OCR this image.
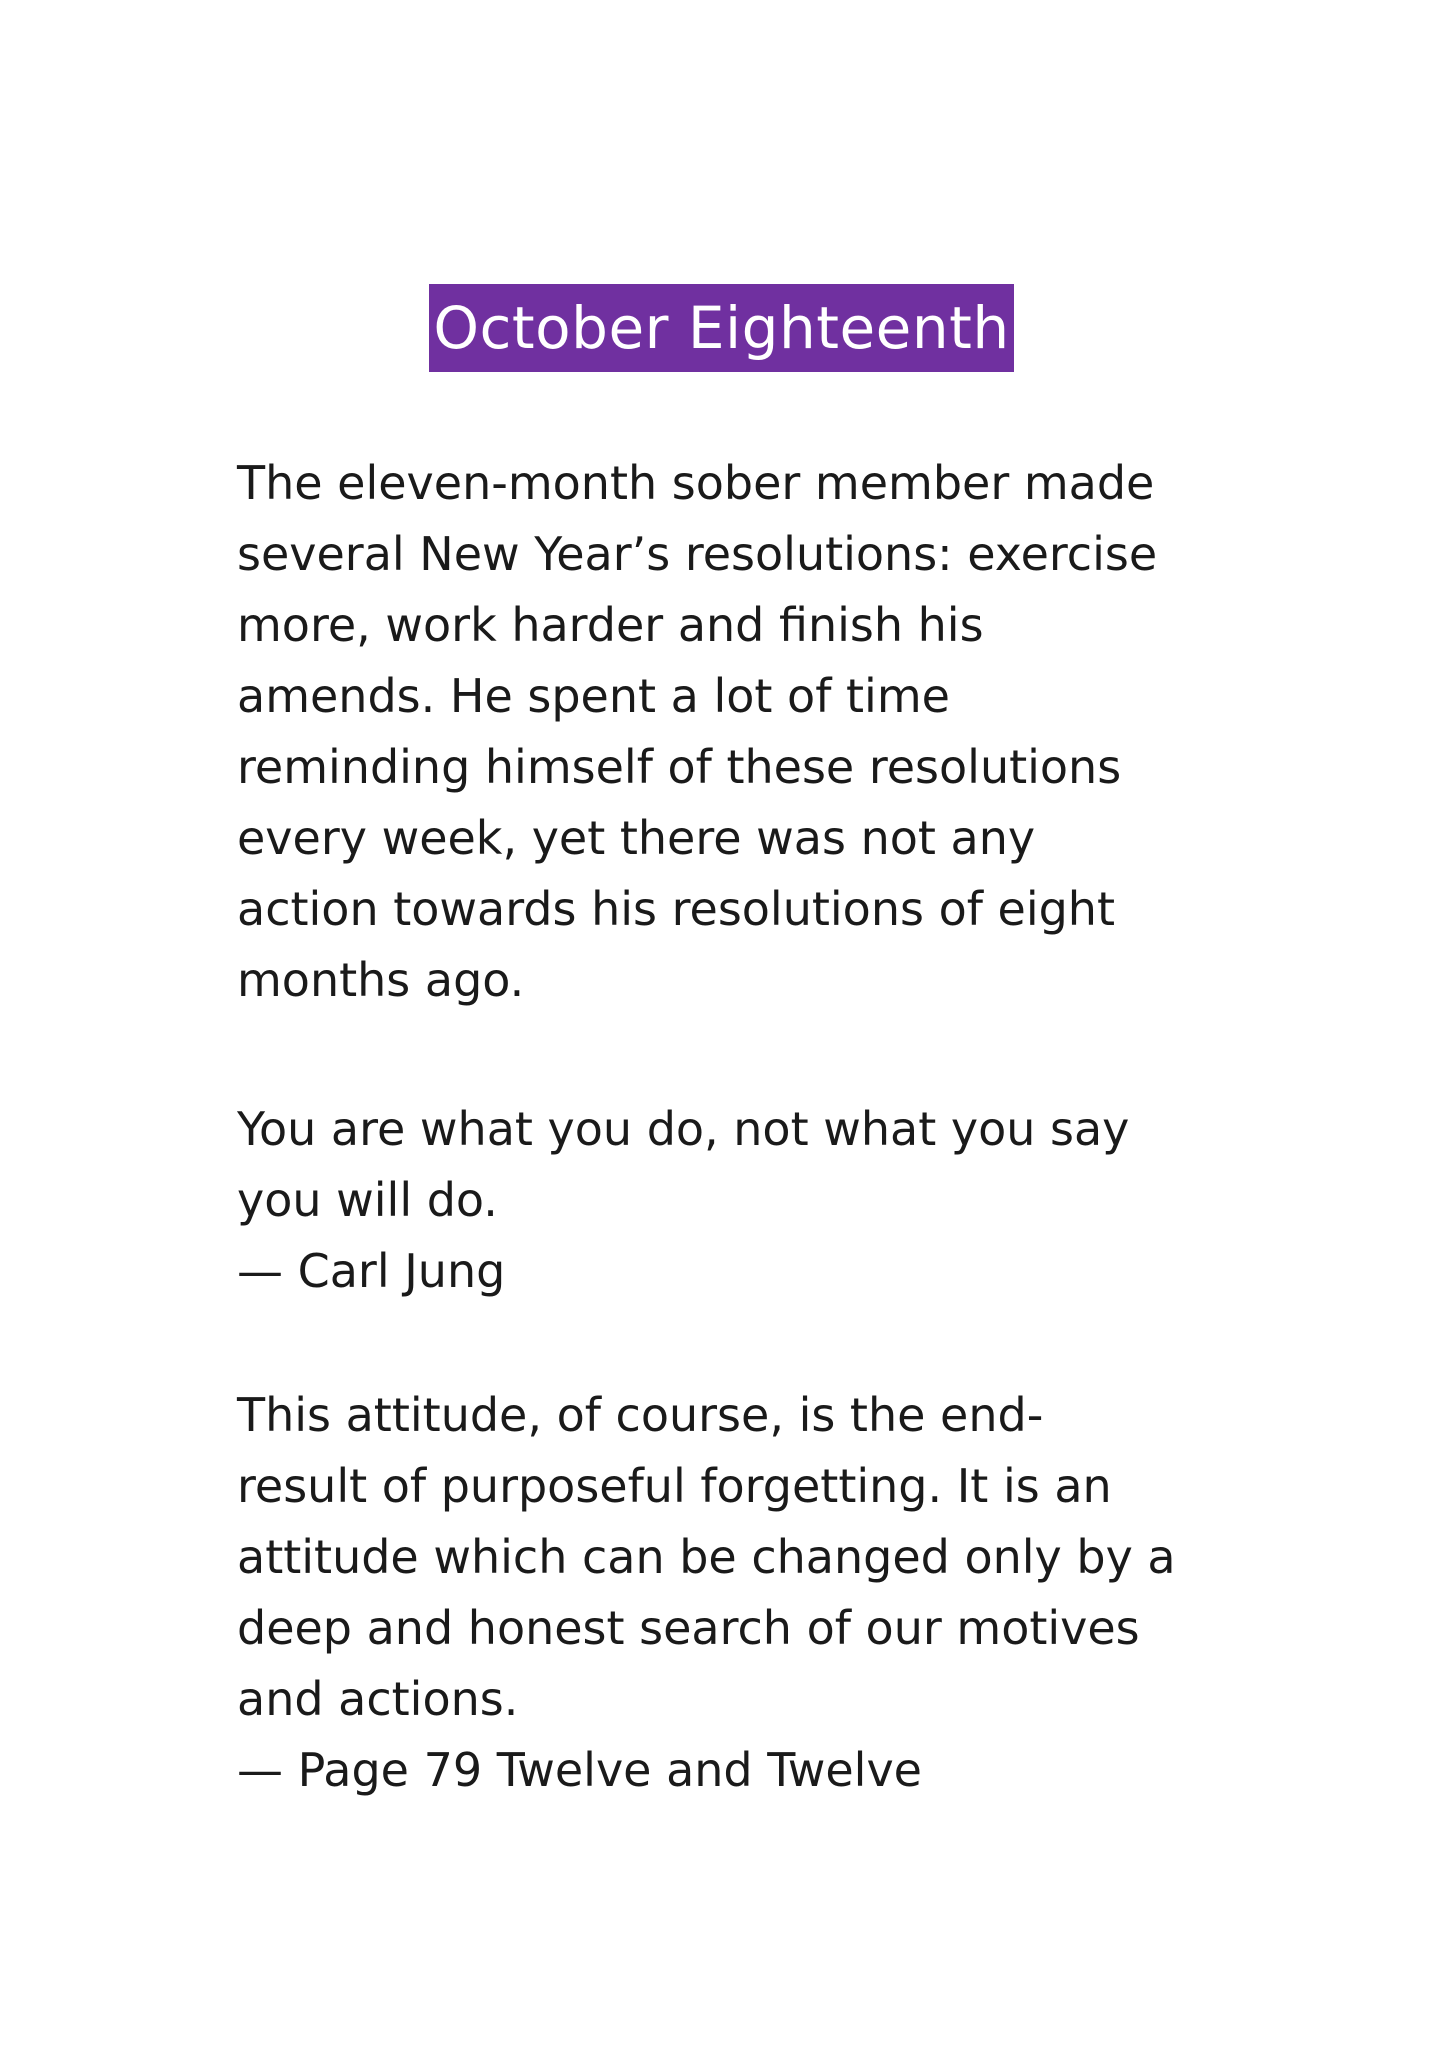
October Eighteenth
The eleven-month sober member made
several New Year’s resolutions: exercise
more, work harder and finish his
amends. He spent a lot of time
reminding himself of these resolutions
every week, yet there was not any
action towards his resolutions of eight
months ago.
You are what you do, not what you say
you will do.
— Carl Jung
This attitude, of course, is the end-
result of purposeful forgetting. It is an
attitude which can be changed only by a
deep and honest search of our motives
and actions.
— Page 79 Twelve and Twelve
